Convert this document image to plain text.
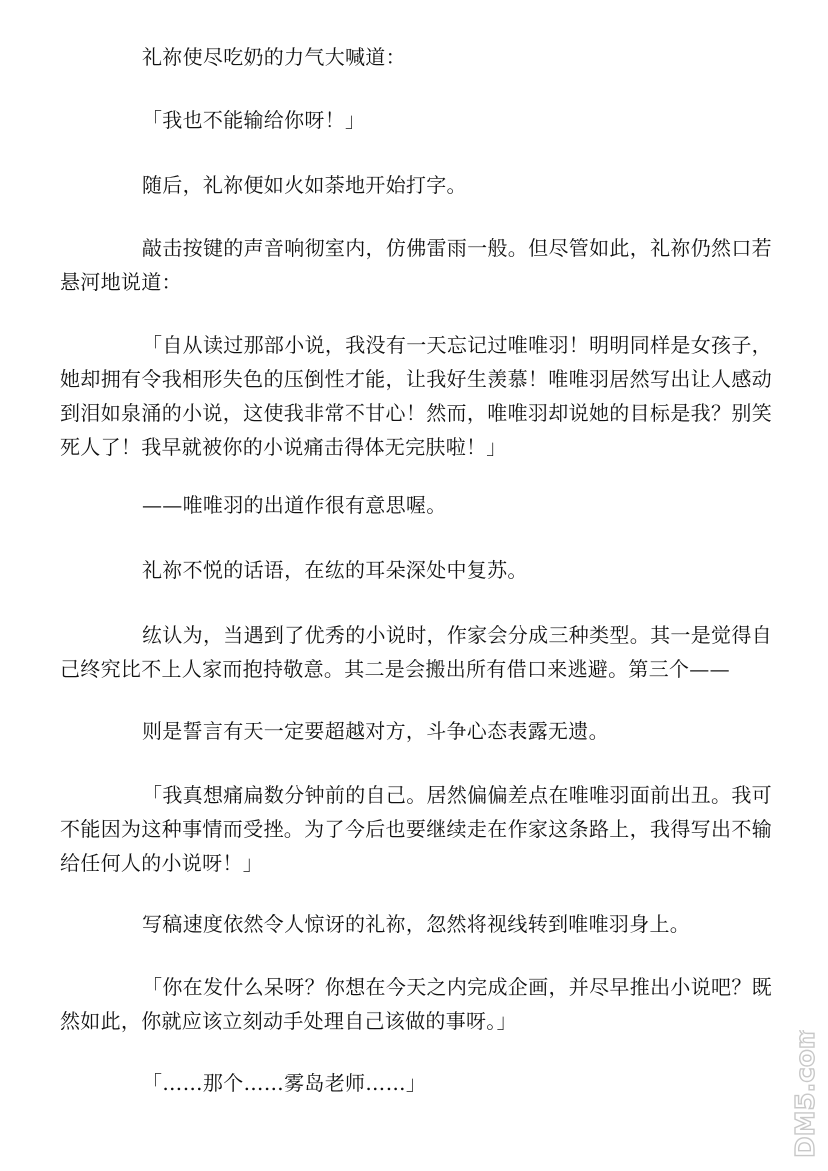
礼祢使尽吃奶的力气大喊道：

「我也不能输给你呀！」

随后，礼祢便如火如荼地开始打字。

敲击按键的声音响彻室内，仿佛雷雨一般。但尽管如此，礼祢仍然口若悬河地说道：

「自从读过那部小说，我没有一天忘记过唯唯羽！明明同样是女孩子，她却拥有令我相形失色的压倒性才能，让我好生羡慕！唯唯羽居然写出让人感动到泪如泉涌的小说，这使我非常不甘心！然而，唯唯羽却说她的目标是我？别笑死人了！我早就被你的小说痛击得体无完肤啦！」

——唯唯羽的出道作很有意思喔。

礼祢不悦的话语，在纮的耳朵深处中复苏。

纮认为，当遇到了优秀的小说时，作家会分成三种类型。其一是觉得自己终究比不上人家而抱持敬意。其二是会搬出所有借口来逃避。第三个——

则是誓言有天一定要超越对方，斗争心态表露无遗。

「我真想痛扁数分钟前的自己。居然偏偏差点在唯唯羽面前出丑。我可不能因为这种事情而受挫。为了今后也要继续走在作家这条路上，我得写出不输给任何人的小说呀！」

写稿速度依然令人惊讶的礼祢，忽然将视线转到唯唯羽身上。

「你在发什么呆呀？你想在今天之内完成企画，并尽早推出小说吧？既然如此，你就应该立刻动手处理自己该做的事呀。」

「……那个……雾岛老师……」	DM5.com
